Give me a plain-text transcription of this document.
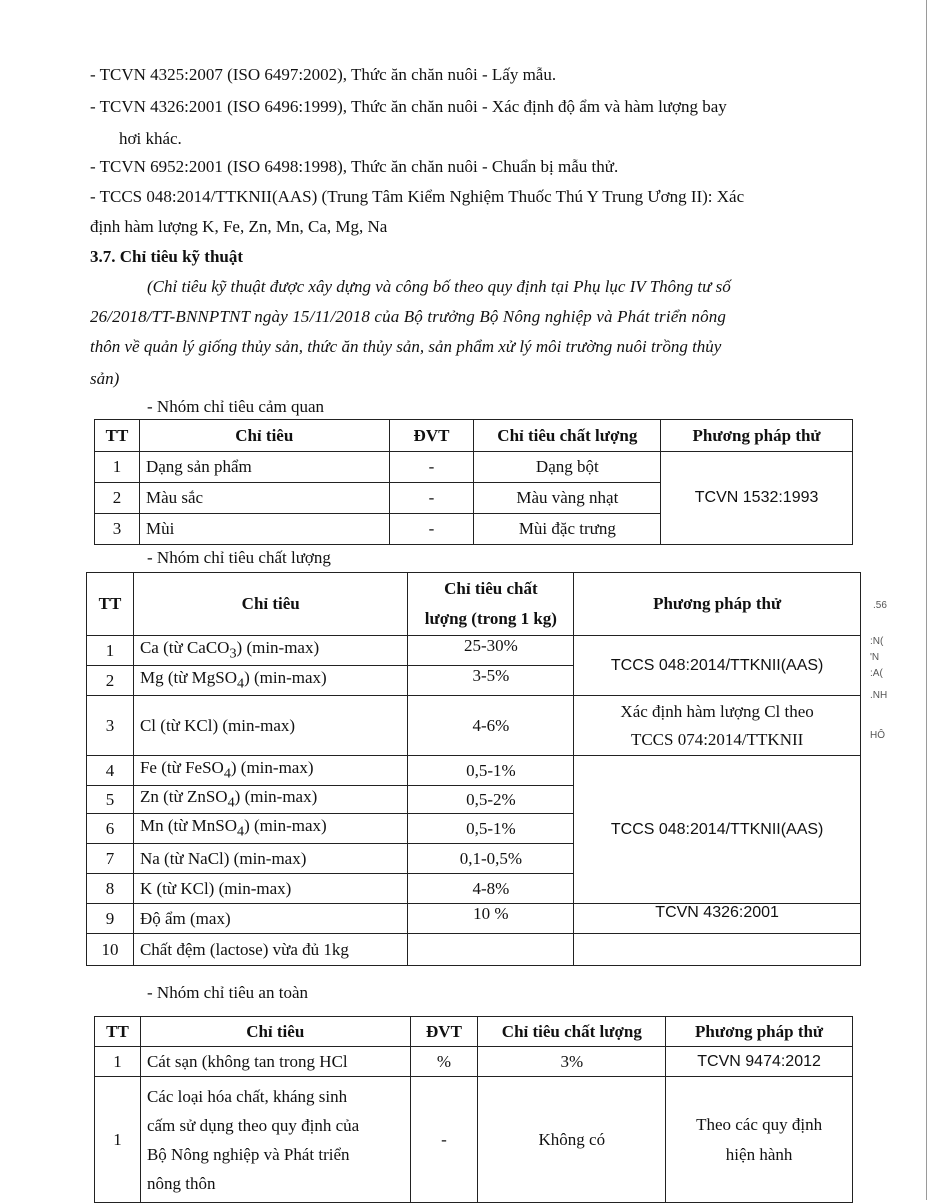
- TCVN 4325:2007 (ISO 6497:2002), Thức ăn chăn nuôi - Lấy mẫu.
- TCVN 4326:2001 (ISO 6496:1999), Thức ăn chăn nuôi - Xác định độ ẩm và hàm lượng bay
hơi khác.
- TCVN 6952:2001 (ISO 6498:1998), Thức ăn chăn nuôi - Chuẩn bị mẫu thử.
- TCCS 048:2014/TTKNII(AAS) (Trung Tâm Kiểm Nghiệm Thuốc Thú Y Trung Ương II): Xác
định hàm lượng K, Fe, Zn, Mn, Ca, Mg, Na
3.7. Chỉ tiêu kỹ thuật
(Chỉ tiêu kỹ thuật được xây dựng và công bố theo quy định tại Phụ lục IV Thông tư số
26/2018/TT-BNNPTNT ngày 15/11/2018 của Bộ trưởng Bộ Nông nghiệp và Phát triển nông
thôn về quản lý giống thủy sản, thức ăn thủy sản, sản phẩm xử lý môi trường nuôi trồng thủy
sản)
- Nhóm chỉ tiêu cảm quan
TT	Chỉ tiêu	ĐVT	Chỉ tiêu chất lượng	Phương pháp thử
1	Dạng sản phẩm	-	Dạng bột	TCVN 1532:1993
2	Màu sắc	-	Màu vàng nhạt	
3	Mùi	-	Mùi đặc trưng	
- Nhóm chỉ tiêu chất lượng
TT	Chỉ tiêu	Chỉ tiêu chất
lượng (trong 1 kg)	Phương pháp thử
1	Ca (từ CaCO$_3$) (min-max)	25-30%	TCCS 048:2014/TTKNII(AAS)
2	Mg (từ MgSO$_4$) (min-max)	3-5%	
3	Cl (từ KCl) (min-max)	4-6%	Xác định hàm lượng Cl theo
TCCS 074:2014/TTKNII
4	Fe (từ FeSO$_4$) (min-max)	0,5-1%	TCCS 048:2014/TTKNII(AAS)
5	Zn (từ ZnSO$_4$) (min-max)	0,5-2%	
6	Mn (từ MnSO$_4$) (min-max)	0,5-1%	
7	Na (từ NaCl) (min-max)	0,1-0,5%	
8	K (từ KCl) (min-max)	4-8%	
9	Độ ẩm (max)	10 %	TCVN 4326:2001
10	Chất đệm (lactose) vừa đủ 1kg		
- Nhóm chỉ tiêu an toàn
TT	Chỉ tiêu	ĐVT	Chỉ tiêu chất lượng	Phương pháp thử
1	Cát sạn (không tan trong HCl	%	3%	TCVN 9474:2012
1	Các loại hóa chất, kháng sinh
cấm sử dụng theo quy định của
Bộ Nông nghiệp và Phát triển
nông thôn	-	Không có	Theo các quy định
hiện hành
.56
:N(
'N
:A(
.NH
HÔ
